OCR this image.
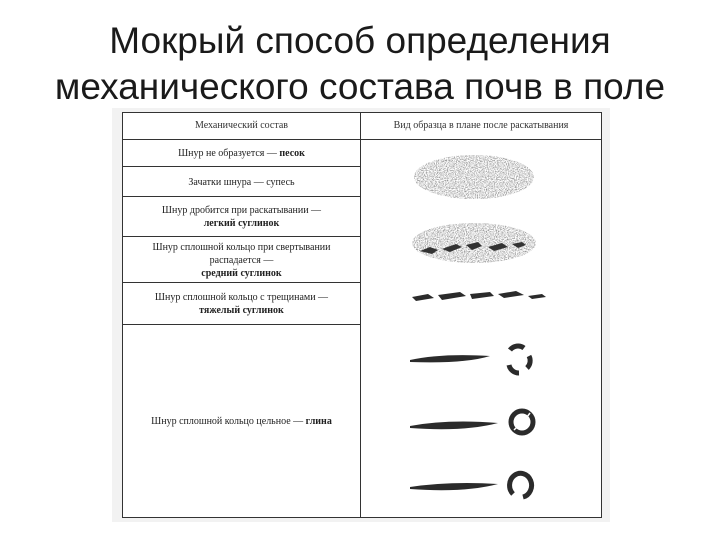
Мокрый способ определения
механического состава почв в поле
Механический состав	Вид образца в плане после раскатывания
Шнур не образуется — песок
Зачатки шнура — супесь
Шнур дробится при раскатывании —
легкий суглинок
Шнур сплошной кольцо при свертывании распадается —
средний суглинок
Шнур сплошной кольцо с трещинами —
тяжелый суглинок
Шнур сплошной кольцо цельное — глина
